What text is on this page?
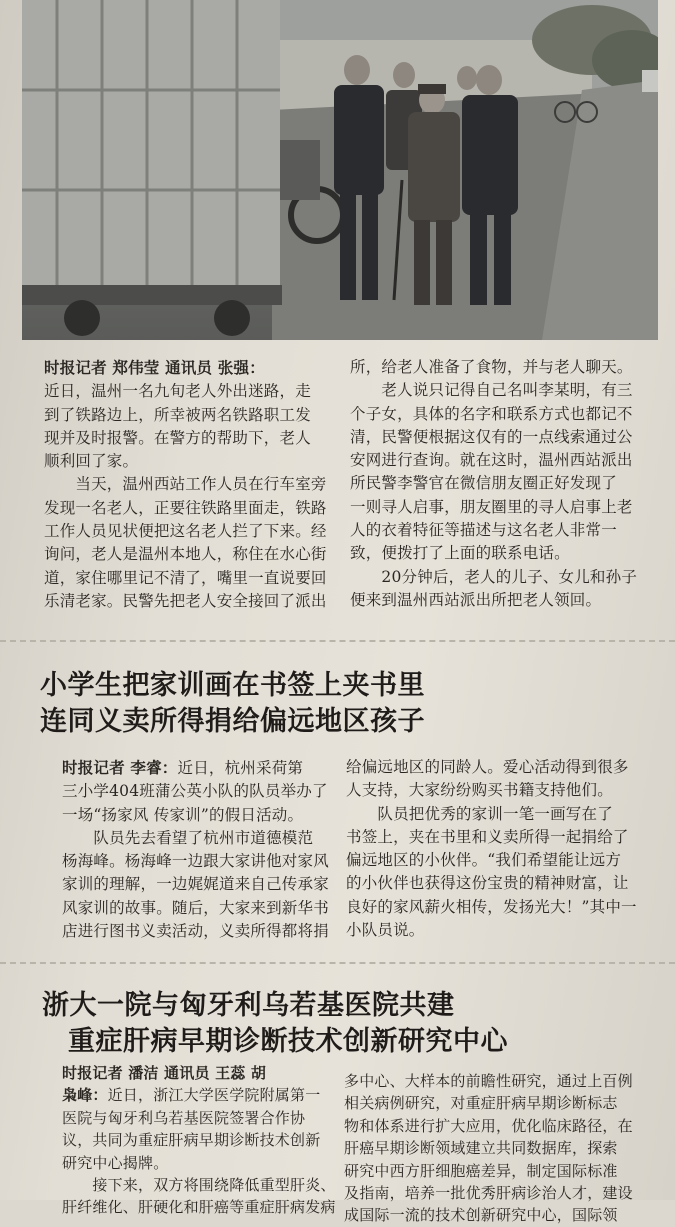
时报记者 郑伟莹 通讯员 张强：

近日，温州一名九旬老人外出迷路，走

到了铁路边上，所幸被两名铁路职工发

现并及时报警。在警方的帮助下，老人

顺利回了家。

　　当天，温州西站工作人员在行车室旁

发现一名老人，正要往铁路里面走，铁路

工作人员见状便把这名老人拦了下来。经

询问，老人是温州本地人，称住在水心街

道，家住哪里记不清了，嘴里一直说要回

乐清老家。民警先把老人安全接回了派出

所，给老人准备了食物，并与老人聊天。

　　老人说只记得自己名叫李某明，有三

个子女，具体的名字和联系方式也都记不

清，民警便根据这仅有的一点线索通过公

安网进行查询。就在这时，温州西站派出

所民警李警官在微信朋友圈正好发现了

一则寻人启事，朋友圈里的寻人启事上老

人的衣着特征等描述与这名老人非常一

致，便拨打了上面的联系电话。

　　20分钟后，老人的儿子、女儿和孙子

便来到温州西站派出所把老人领回。

小学生把家训画在书签上夹书里
连同义卖所得捐给偏远地区孩子

时报记者 李睿：近日，杭州采荷第

三小学404班蒲公英小队的队员举办了

一场“扬家风 传家训”的假日活动。

　　队员先去看望了杭州市道德模范

杨海峰。杨海峰一边跟大家讲他对家风

家训的理解，一边娓娓道来自己传承家

风家训的故事。随后，大家来到新华书

店进行图书义卖活动，义卖所得都将捐

给偏远地区的同龄人。爱心活动得到很多

人支持，大家纷纷购买书籍支持他们。

　　队员把优秀的家训一笔一画写在了

书签上，夹在书里和义卖所得一起捐给了

偏远地区的小伙伴。“我们希望能让远方

的小伙伴也获得这份宝贵的精神财富，让

良好的家风薪火相传，发扬光大！”其中一

小队员说。

浙大一院与匈牙利乌若基医院共建
重症肝病早期诊断技术创新研究中心

时报记者 潘洁 通讯员 王蕊 胡

枭峰：近日，浙江大学医学院附属第一

医院与匈牙利乌若基医院签署合作协

议，共同为重症肝病早期诊断技术创新

研究中心揭牌。

　　接下来，双方将围绕降低重型肝炎、

肝纤维化、肝硬化和肝癌等重症肝病发病

多中心、大样本的前瞻性研究，通过上百例

相关病例研究，对重症肝病早期诊断标志

物和体系进行扩大应用，优化临床路径，在

肝癌早期诊断领域建立共同数据库，探索

研究中西方肝细胞癌差异，制定国际标准

及指南，培养一批优秀肝病诊治人才，建设

成国际一流的技术创新研究中心，国际领
